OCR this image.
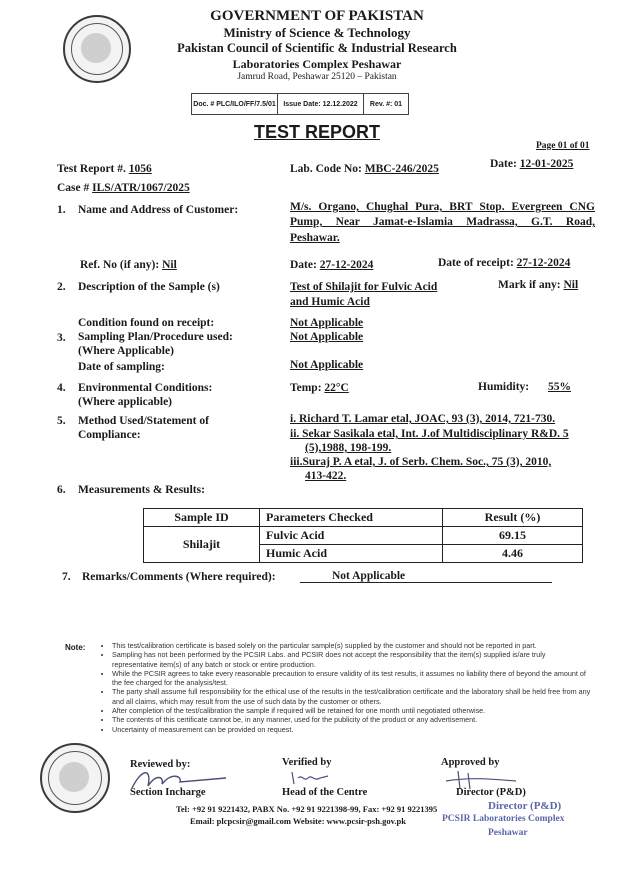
GOVERNMENT OF PAKISTAN
Ministry of Science & Technology
Pakistan Council of Scientific & Industrial Research
Laboratories Complex Peshawar
Jamrud Road, Peshawar 25120 – Pakistan
Doc. # PLC/ILO/FF/7.5/01	Issue Date: 12.12.2022	Rev. #: 01
TEST REPORT
Page 01 of 01
Test Report #. 1056	Lab. Code No: MBC-246/2025	Date: 12-01-2025
Case # ILS/ATR/1067/2025
1. Name and Address of Customer:	M/s. Organo, Chughal Pura, BRT Stop. Evergreen CNG
Pump, Near Jamat-e-Islamia Madrassa, G.T. Road,
Peshawar.
Ref. No (if any): Nil	Date: 27-12-2024	Date of receipt: 27-12-2024
2. Description of the Sample (s)	Test of Shilajit for Fulvic Acid
and Humic Acid
Mark if any: Nil
Condition found on receipt:	Not Applicable
3. Sampling Plan/Procedure used:	Not Applicable
(Where Applicable)
Date of sampling:	Not Applicable
4. Environmental Conditions:
(Where applicable)
Temp: 22°C	Humidity: 55%
5. Method Used/Statement of
Compliance:
i. Richard T. Lamar etal, JOAC, 93 (3), 2014, 721-730.
ii. Sekar Sasikala etal, Int. J.of Multidisciplinary R&D. 5
(5),1988, 198-199.
iii.Suraj P. A etal, J. of Serb. Chem. Soc., 75 (3), 2010,
413-422.
6. Measurements & Results:
Sample ID	Parameters Checked	Result (%)
Shilajit	Fulvic Acid	69.15
	Humic Acid	4.46
7. Remarks/Comments (Where required):	Not Applicable
Note:	• This test/calibration certificate is based solely on the particular sample(s) supplied by the customer and should not be reported in part.
• Sampling has not been performed by the PCSIR Labs. and PCSIR does not accept the responsibility that the item(s) supplied is/are truly representative item(s) of any batch or stock or entire production.
• While the PCSIR agrees to take every reasonable precaution to ensure validity of its test results, it assumes no liability there of beyond the amount of the fee charged for the analysis/test.
• The party shall assume full responsibility for the ethical use of the results in the test/calibration certificate and the laboratory shall be held free from any and all claims, which may result from the use of such data by the customer or others.
• After completion of the test/calibration the sample if required will be retained for one month until negotiated otherwise.
• The contents of this certificate cannot be, in any manner, used for the publicity of the product or any advertisement.
• Uncertainty of measurement can be provided on request.
Reviewed by:
Section Incharge
Verified by
Head of the Centre
Approved by
Director (P&D)
Tel: +92 91 9221432, PABX No. +92 91 9221398-99, Fax: +92 91 9221395
Email: plcpcsir@gmail.com Website: www.pcsir-psh.gov.pk
Director (P&D)
PCSIR Laboratories Complex
Peshawar
